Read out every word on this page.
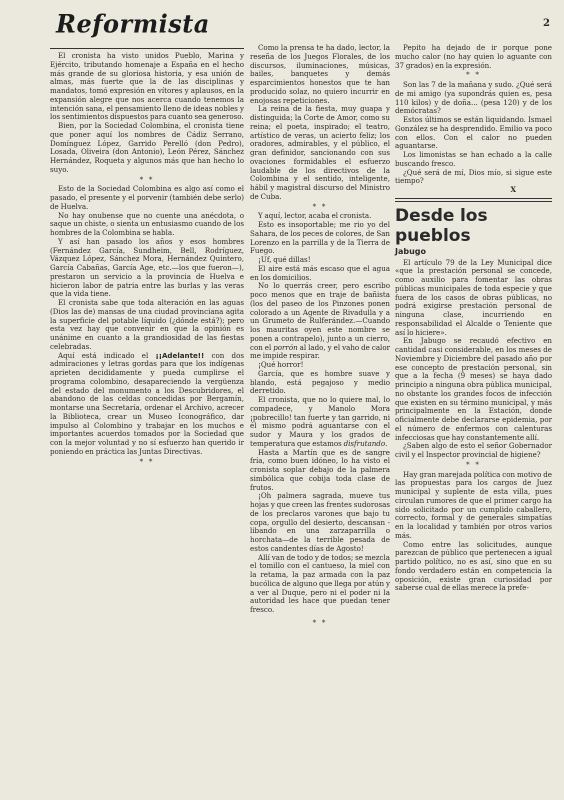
2
Reformista

El cronista ha visto unidos Pueblo, Marina y Ejército, tributando homenaje a España en el hecho más grande de su gloriosa historia, y esa unión de almas, más fuerte que la de las disciplinas y mandatos, tomó expresión en vítores y aplausos, en la expansión alegre que nos acerca cuando tenemos la intención sana, el pensamiento lleno de ideas nobles y los sentimientos dispuestos para cuanto sea generoso.

Bien, por la Sociedad Colombina, el cronista tiene que poner aquí los nombres de Cádiz Serrano, Domínguez López, Garrido Perelló (don Pedro), Losada, Oliveira (don Antonio), León Pérez, Sánchez Hernández, Roqueta y algunos más que han hecho lo suyo.

* *

Esto de la Sociedad Colombina es algo así como el pasado, el presente y el porvenir (también debe serlo) de Huelva.

No hay onubense que no cuente una anécdota, o saque un chiste, o sienta un entusiasmo cuando de los hombres de la Colombina se habla.

Y así han pasado los años y esos hombres (Fernández García, Sundheim, Bell, Rodríguez, Vázquez López, Sánchez Mora, Hernández Quintero, García Cabañas, García Age, etc.—los que fueron—), prestaron un servicio a la provincia de Huelva e hicieron labor de patria entre las burlas y las veras que la vida tiene.

El cronista sabe que toda alteración en las aguas (Dios las de) mansas de una ciudad provinciana agita la superficie del potable líquido (¿dónde está?); pero esta vez hay que convenir en que la opinión es unánime en cuanto a la grandiosidad de las fiestas celebradas.

Aquí está indicado el ¡¡Adelante!! con dos admiraciones y letras gordas para que los indígenas aprieten decididamente y pueda cumplirse el programa colombino, desapareciendo la vergüenza del estado del monumento a los Descubridores, el abandono de las celdas concedidas por Bergamín, montarse una Secretaría, ordenar el Archivo, acrecer la Biblioteca, crear un Museo Iconográfico, dar impulso al Colombino y trabajar en los muchos e importantes acuerdos tomados por la Sociedad que con la mejor voluntad y no sí esfuerzo han querido ir poniendo en práctica las Juntas Directivas.

* *

Como la prensa te ha dado, lector, la reseña de los Juegos Florales, de los discursos, iluminaciones, músicas, bailes, banquetes y demás esparcimientos honestos que te han producido solaz, no quiero incurrir en enojosas repeticiones.

La reina de la fiesta, muy guapa y distinguida; la Corte de Amor, como su reina; el poeta, inspirado; el teatro, artístico de veras, un acierto feliz; los oradores, admirables, y el público, el gran definidor, sancionando con sus ovaciones formidables el esfuerzo laudable de los directivos de la Colombina y el sentido, inteligente, hábil y magistral discurso del Ministro de Cuba.

* *

Y aquí, lector, acaba el cronista.

Esto es insoportable; me rio yo del Sahara, de los peces de colores, de San Lorenzo en la parrilla y de la Tierra de Fuego.

¡Uf, qué dillas!

El aire está más escaso que el agua en los domicilios.

No lo querrás creer, pero escribo poco menos que en traje de bañista (los del paseo de los Pinzones ponen colorado a un Agente de Rivadulla y a un Grumeto de Rulferández.—Cuando los mauritas oyen este nombre se ponen a contrapelo), junto a un cierro, con el porrón al lado, y el vaho de calor me impide respirar.

¡Qué horror!

García, que es hombre suave y blando, está pegajoso y medio derretido.

El cronista, que no lo quiere mal, lo compadece, y Manolo Mora ¡pobrecillo! tan fuerte y tan garrido, ni él mismo podrá aguantarse con el sudor y Maura y los grados de temperatura que estamos disfrutando.

Hasta a Martín que es de sangre fría, como buen idóneo, lo ha visto el cronista soplar debajo de la palmera simbólica que cobija toda clase de frutos.

¡Oh palmera sagrada, mueve tus hojas y que creen las frentes sudorosas de los preclaros varones que bajo tu copa, orgullo del desierto, descansan - libando en una zarzaparrilla o horchata—de la terrible pesada de estos candentes días de Agosto!

Allí van de todo y de todos; se mezcla el tomillo con el cantueso, la miel con la retama, la paz armada con la paz bucólica de alguno que llega por atún y a ver al Duque, pero ni el poder ni la autoridad les hace que puedan tener fresco.

* *

Pepito ha dejado de ir porque pone mucho calor (no hay quien lo aguante con 37 grados) en la expresión.

* *

Son las 7 de la mañana y sudo. ¿Qué será de mi amigo (ya supondrás quien es, pesa 110 kilos) y de doña... (pesa 120) y de los demócratas?

Estos últimos se están liquidando. Ismael González se ha desprendido. Emilio va poco con ellos. Con el calor no pueden aguantarse.

Los limonistas se han echado a la calle buscando fresco.

¿Qué será de mí, Dios mío, si sigue este tiempo?

X

Desde los pueblos

Jabugo

El artículo 79 de la Ley Municipal dice «que la prestación personal se concede, como auxilio para fomentar las obras públicas municipales de toda especie y que fuera de los casos de obras públicas, no podrá exigirse prestación personal de ninguna clase, incurriendo en responsabilidad el Alcalde o Teniente que así lo hiciere».

En Jabugo se recaudó efectivo en cantidad casi considerable, en los meses de Noviembre y Diciembre del pasado año por ese concepto de prestación personal, sin que a la fecha (9 meses) se haya dado principio a ninguna obra pública municipal, no obstante los grandes focos de infección que existen en su término municipal, y más principalmente en la Estación, donde oficialmente debe declararse epidemia, por el número de enfermos con calenturas infecciosas que hay constantemente allí.

¿Saben algo de esto el señor Gobernador civil y el Inspector provincial de higiene?

* *

Hay gran marejada política con motivo de las propuestas para los cargos de Juez municipal y suplente de esta villa, pues circulan rumores de que el primer cargo ha sido solicitado por un cumplido caballero, correcto, formal y de generales simpatías en la localidad y también por otros varios más.

Como entre las solicitudes, aunque parezcan de público que pertenecen a igual partido político, no es así, sino que en su fondo verdadero están en competencia la oposición, existe gran curiosidad por saberse cual de ellas merece la prefe-
